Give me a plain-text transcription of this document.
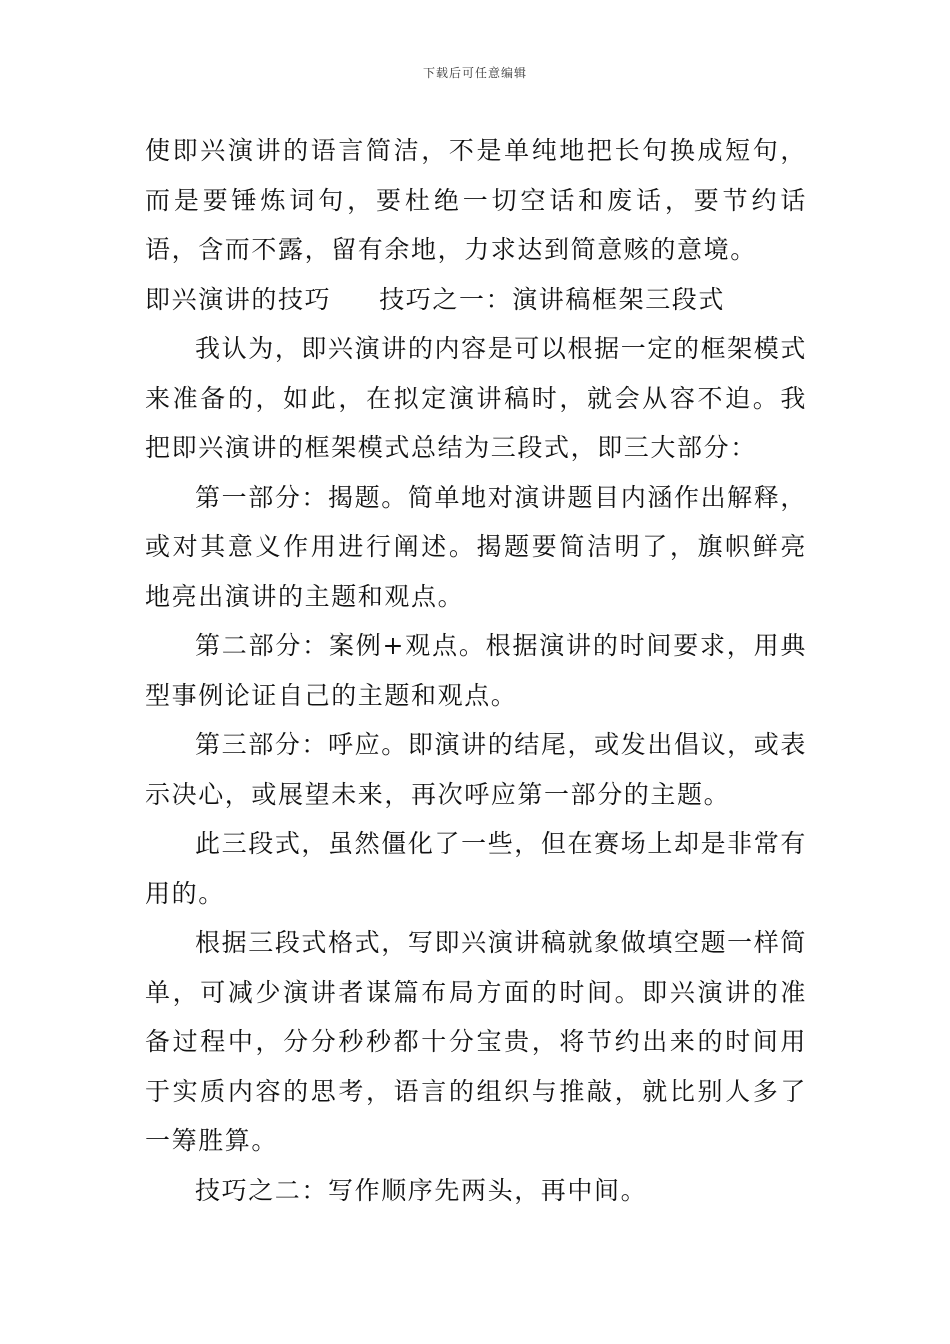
下载后可任意编辑

使即兴演讲的语言简洁，不是单纯地把长句换成短句，而是要锤炼词句，要杜绝一切空话和废话，要节约话语，含而不露，留有余地，力求达到简意赅的意境。

即兴演讲的技巧 技巧之一：演讲稿框架三段式

我认为，即兴演讲的内容是可以根据一定的框架模式来准备的，如此，在拟定演讲稿时，就会从容不迫。我把即兴演讲的框架模式总结为三段式，即三大部分：

第一部分：揭题。简单地对演讲题目内涵作出解释，或对其意义作用进行阐述。揭题要简洁明了，旗帜鲜亮地亮出演讲的主题和观点。

第二部分：案例+观点。根据演讲的时间要求，用典型事例论证自己的主题和观点。

第三部分：呼应。即演讲的结尾，或发出倡议，或表示决心，或展望未来，再次呼应第一部分的主题。

此三段式，虽然僵化了一些，但在赛场上却是非常有用的。

根据三段式格式，写即兴演讲稿就象做填空题一样简单，可减少演讲者谋篇布局方面的时间。即兴演讲的准备过程中，分分秒秒都十分宝贵，将节约出来的时间用于实质内容的思考，语言的组织与推敲，就比别人多了一筹胜算。

技巧之二：写作顺序先两头，再中间。
